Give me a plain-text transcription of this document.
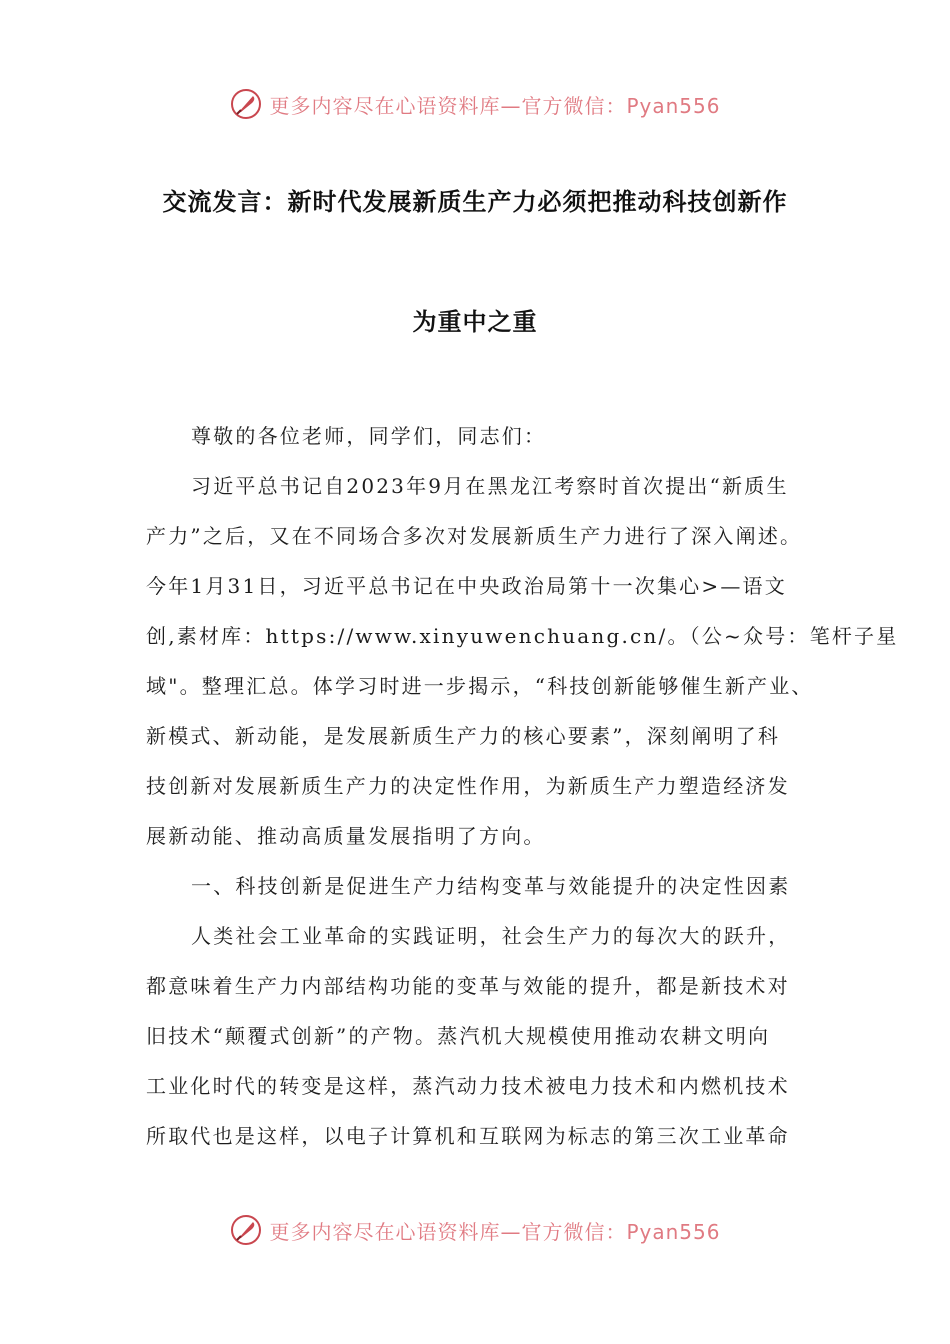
更多内容尽在心语资料库—官方微信：Pyan556
交流发言：新时代发展新质生产力必须把推动科技创新作
为重中之重
尊敬的各位老师，同学们，同志们：
习近平总书记自2023年9月在黑龙江考察时首次提出“新质生
产力”之后，又在不同场合多次对发展新质生产力进行了深入阐述。
今年1月31日，习近平总书记在中央政治局第十一次集心>—语文
创,素材库：https://www.xinyuwenchuang.cn/。（公~众号：笔杆子星
域"。整理汇总。体学习时进一步揭示，“科技创新能够催生新产业、
新模式、新动能，是发展新质生产力的核心要素”，深刻阐明了科
技创新对发展新质生产力的决定性作用，为新质生产力塑造经济发
展新动能、推动高质量发展指明了方向。
一、科技创新是促进生产力结构变革与效能提升的决定性因素
人类社会工业革命的实践证明，社会生产力的每次大的跃升，
都意味着生产力内部结构功能的变革与效能的提升，都是新技术对
旧技术“颠覆式创新”的产物。蒸汽机大规模使用推动农耕文明向
工业化时代的转变是这样，蒸汽动力技术被电力技术和内燃机技术
所取代也是这样，以电子计算机和互联网为标志的第三次工业革命
更多内容尽在心语资料库—官方微信：Pyan556
